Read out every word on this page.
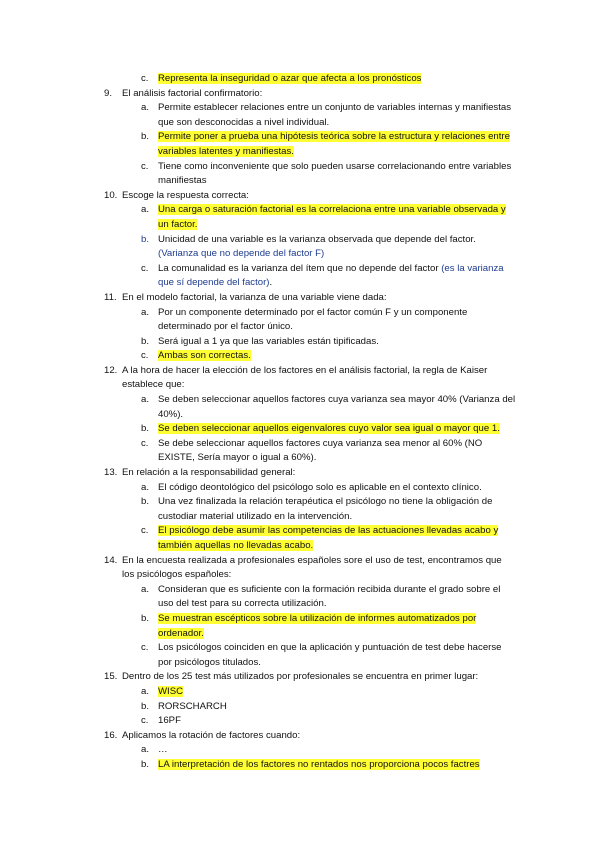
c. Representa la inseguridad o azar que afecta a los pronósticos
9.	El análisis factorial confirmatorio:
a. Permite establecer relaciones entre un conjunto de variables internas y manifiestas que son desconocidas a nivel individual.
b. Permite poner a prueba una hipótesis teórica sobre la estructura y relaciones entre variables latentes y manifiestas.
c. Tiene como inconveniente que solo pueden usarse correlacionando entre variables manifiestas
10. Escoge la respuesta correcta:
a. Una carga o saturación factorial es la correlaciona entre una variable observada y un factor.
b. Unicidad de una variable es la varianza observada que depende del factor. (Varianza que no depende del factor F)
c. La comunalidad es la varianza del ítem que no depende del factor (es la varianza que sí depende del factor).
11. En el modelo factorial, la varianza de una variable viene dada:
a. Por un componente determinado por el factor común F y un componente determinado por el factor único.
b. Será igual a 1 ya que las variables están tipificadas.
c. Ambas son correctas.
12. A la hora de hacer la elección de los factores en el análisis factorial, la regla de Kaiser establece que:
a. Se deben seleccionar aquellos factores cuya varianza sea mayor 40% (Varianza del 40%).
b. Se deben seleccionar aquellos eigenvalores cuyo valor sea igual o mayor que 1.
c. Se debe seleccionar aquellos factores cuya varianza sea menor al 60% (NO EXISTE, Sería mayor o igual a 60%).
13. En relación a la responsabilidad general:
a. El código deontológico del psicólogo solo es aplicable en el contexto clínico.
b. Una vez finalizada la relación terapéutica el psicólogo no tiene la obligación de custodiar material utilizado en la intervención.
c. El psicólogo debe asumir las competencias de las actuaciones llevadas acabo y también aquellas no llevadas acabo.
14. En la encuesta realizada a profesionales españoles sore el uso de test, encontramos que los psicólogos españoles:
a. Consideran que es suficiente con la formación recibida durante el grado sobre el uso del test para su correcta utilización.
b. Se muestran escépticos sobre la utilización de informes automatizados por ordenador.
c. Los psicólogos coinciden en que la aplicación y puntuación de test debe hacerse por psicólogos titulados.
15. Dentro de los 25 test más utilizados por profesionales se encuentra en primer lugar:
a. WISC
b. RORSCHARCH
c. 16PF
16. Aplicamos la rotación de factores cuando:
a. …
b. LA interpretación de los factores no rentados nos proporciona pocos factres
